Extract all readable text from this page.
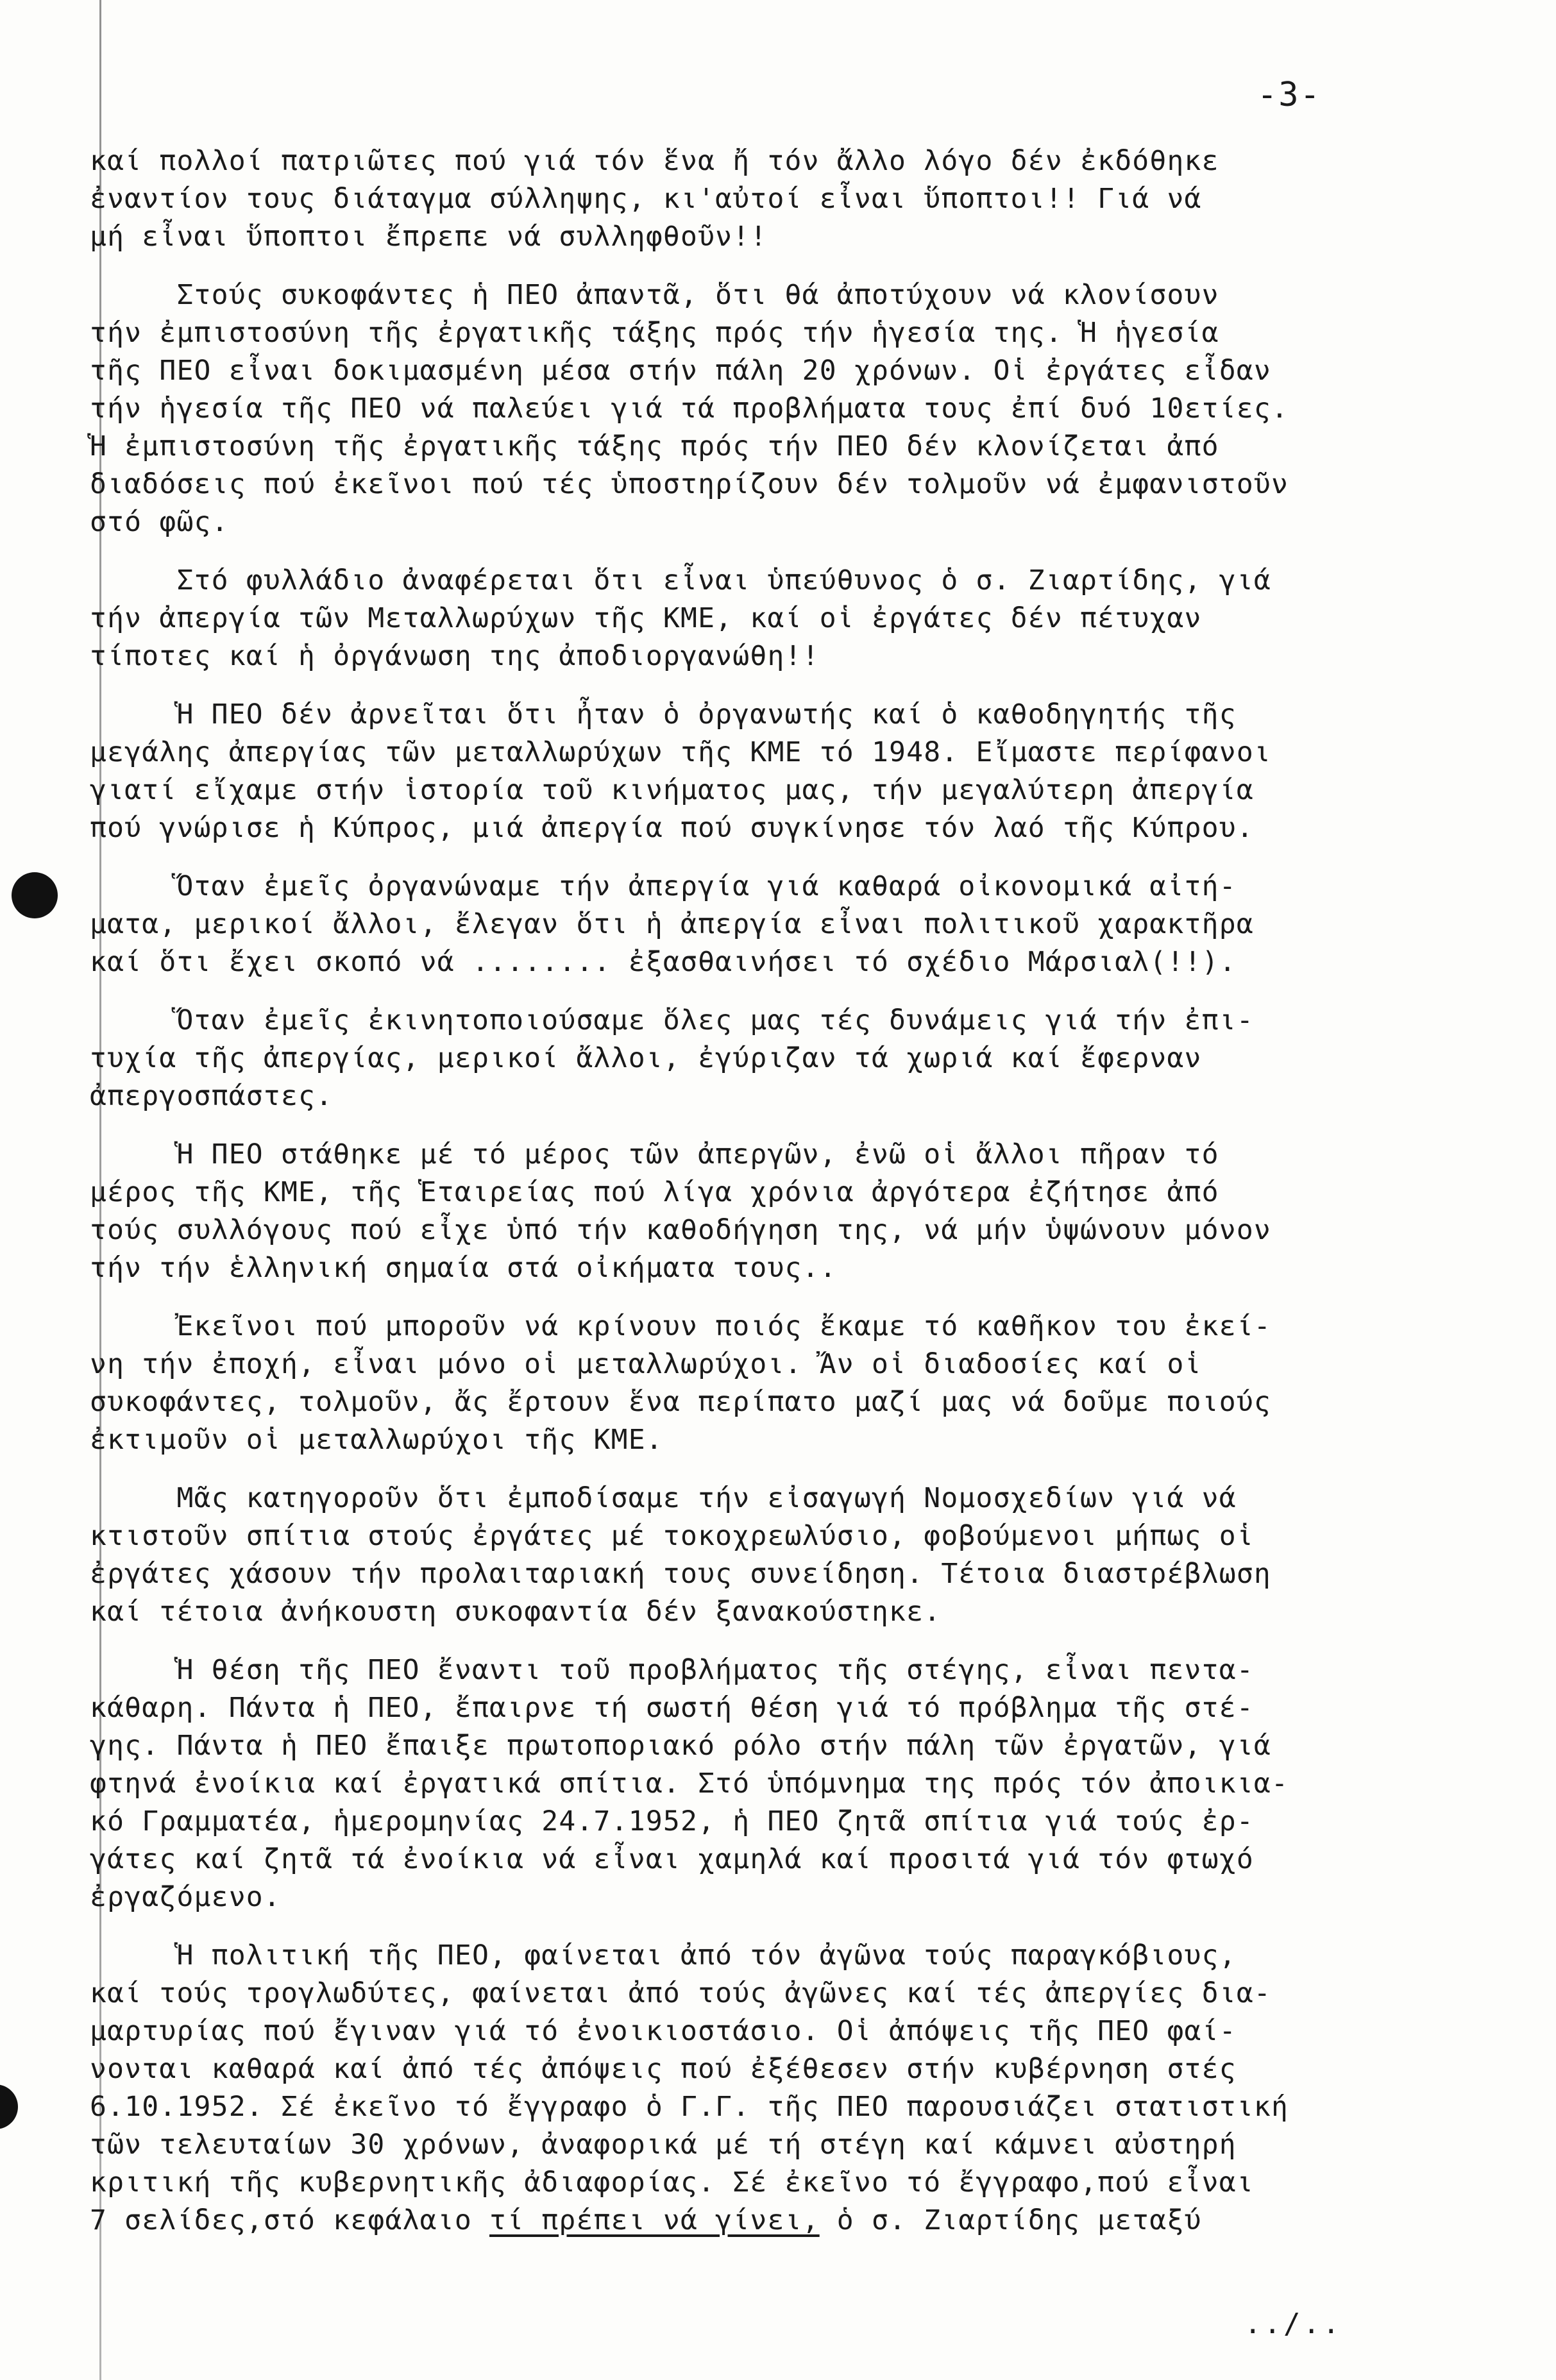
-3-
καί πολλοί πατριῶτες πού γιά τόν ἕνα ἤ τόν ἄλλο λόγο δέν ἐκδόθηκε
ἐναντίον τους διάταγμα σύλληψης, κι'αὐτοί εἶναι ὕποπτοι!! Γιά νά
μή εἶναι ὕποπτοι ἔπρεπε νά συλληφθοῦν!!
Στούς συκοφάντες ἡ ΠΕΟ ἀπαντᾶ, ὅτι θά ἀποτύχουν νά κλονίσουν
τήν ἐμπιστοσύνη τῆς ἐργατικῆς τάξης πρός τήν ἡγεσία της. Ἡ ἡγεσία
τῆς ΠΕΟ εἶναι δοκιμασμένη μέσα στήν πάλη 20 χρόνων. Οἱ ἐργάτες εἶδαν
τήν ἡγεσία τῆς ΠΕΟ νά παλεύει γιά τά προβλήματα τους ἐπί δυό 10ετίες.
Ἡ ἐμπιστοσύνη τῆς ἐργατικῆς τάξης πρός τήν ΠΕΟ δέν κλονίζεται ἀπό
διαδόσεις πού ἐκεῖνοι πού τές ὑποστηρίζουν δέν τολμοῦν νά ἐμφανιστοῦν
στό φῶς.
Στό φυλλάδιο ἀναφέρεται ὅτι εἶναι ὑπεύθυνος ὁ σ. Ζιαρτίδης, γιά
τήν ἀπεργία τῶν Μεταλλωρύχων τῆς ΚΜΕ, καί οἱ ἐργάτες δέν πέτυχαν
τίποτες καί ἡ ὀργάνωση της ἀποδιοργανώθη!!
Ἡ ΠΕΟ δέν ἀρνεῖται ὅτι ἦταν ὁ ὀργανωτής καί ὁ καθοδηγητής τῆς
μεγάλης ἀπεργίας τῶν μεταλλωρύχων τῆς ΚΜΕ τό 1948. Εἴμαστε περίφανοι
γιατί εἴχαμε στήν ἱστορία τοῦ κινήματος μας, τήν μεγαλύτερη ἀπεργία
πού γνώρισε ἡ Κύπρος, μιά ἀπεργία πού συγκίνησε τόν λαό τῆς Κύπρου.
Ὅταν ἐμεῖς ὀργανώναμε τήν ἀπεργία γιά καθαρά οἰκονομικά αἰτή-
ματα, μερικοί ἄλλοι, ἔλεγαν ὅτι ἡ ἀπεργία εἶναι πολιτικοῦ χαρακτῆρα
καί ὅτι ἔχει σκοπό νά ........ ἐξασθαινήσει τό σχέδιο Μάρσιαλ(!!).
Ὅταν ἐμεῖς ἐκινητοποιούσαμε ὅλες μας τές δυνάμεις γιά τήν ἐπι-
τυχία τῆς ἀπεργίας, μερικοί ἄλλοι, ἐγύριζαν τά χωριά καί ἔφερναν
ἀπεργοσπάστες.
Ἡ ΠΕΟ στάθηκε μέ τό μέρος τῶν ἀπεργῶν, ἐνῶ οἱ ἄλλοι πῆραν τό
μέρος τῆς ΚΜΕ, τῆς Ἑταιρείας πού λίγα χρόνια ἀργότερα ἐζήτησε ἀπό
τούς συλλόγους πού εἶχε ὑπό τήν καθοδήγηση της, νά μήν ὑψώνουν μόνον
τήν τήν ἑλληνική σημαία στά οἰκήματα τους..
Ἐκεῖνοι πού μποροῦν νά κρίνουν ποιός ἔκαμε τό καθῆκον του ἐκεί-
νη τήν ἐποχή, εἶναι μόνο οἱ μεταλλωρύχοι. Ἄν οἱ διαδοσίες καί οἱ
συκοφάντες, τολμοῦν, ἄς ἔρτουν ἕνα περίπατο μαζί μας νά δοῦμε ποιούς
ἐκτιμοῦν οἱ μεταλλωρύχοι τῆς ΚΜΕ.
Μᾶς κατηγοροῦν ὅτι ἐμποδίσαμε τήν εἰσαγωγή Νομοσχεδίων γιά νά
κτιστοῦν σπίτια στούς ἐργάτες μέ τοκοχρεωλύσιο, φοβούμενοι μήπως οἱ
ἐργάτες χάσουν τήν προλαιταριακή τους συνείδηση. Τέτοια διαστρέβλωση
καί τέτοια ἀνήκουστη συκοφαντία δέν ξανακούστηκε.
Ἡ θέση τῆς ΠΕΟ ἔναντι τοῦ προβλήματος τῆς στέγης, εἶναι πεντα-
κάθαρη. Πάντα ἡ ΠΕΟ, ἔπαιρνε τή σωστή θέση γιά τό πρόβλημα τῆς στέ-
γης. Πάντα ἡ ΠΕΟ ἔπαιξε πρωτοποριακό ρόλο στήν πάλη τῶν ἐργατῶν, γιά
φτηνά ἐνοίκια καί ἐργατικά σπίτια. Στό ὑπόμνημα της πρός τόν ἀποικια-
κό Γραμματέα, ἡμερομηνίας 24.7.1952, ἡ ΠΕΟ ζητᾶ σπίτια γιά τούς ἐρ-
γάτες καί ζητᾶ τά ἐνοίκια νά εἶναι χαμηλά καί προσιτά γιά τόν φτωχό
ἐργαζόμενο.
Ἡ πολιτική τῆς ΠΕΟ, φαίνεται ἀπό τόν ἀγῶνα τούς παραγκόβιους,
καί τούς τρογλωδύτες, φαίνεται ἀπό τούς ἀγῶνες καί τές ἀπεργίες δια-
μαρτυρίας πού ἔγιναν γιά τό ἐνοικιοστάσιο. Οἱ ἀπόψεις τῆς ΠΕΟ φαί-
νονται καθαρά καί ἀπό τές ἀπόψεις πού ἐξέθεσεν στήν κυβέρνηση στές
6.10.1952. Σέ ἐκεῖνο τό ἔγγραφο ὁ Γ.Γ. τῆς ΠΕΟ παρουσιάζει στατιστική
τῶν τελευταίων 30 χρόνων, ἀναφορικά μέ τή στέγη καί κάμνει αὐστηρή
κριτική τῆς κυβερνητικῆς ἀδιαφορίας. Σέ ἐκεῖνο τό ἔγγραφο,πού εἶναι
7 σελίδες,στό κεφάλαιο τί πρέπει νά γίνει, ὁ σ. Ζιαρτίδης μεταξύ
../..
